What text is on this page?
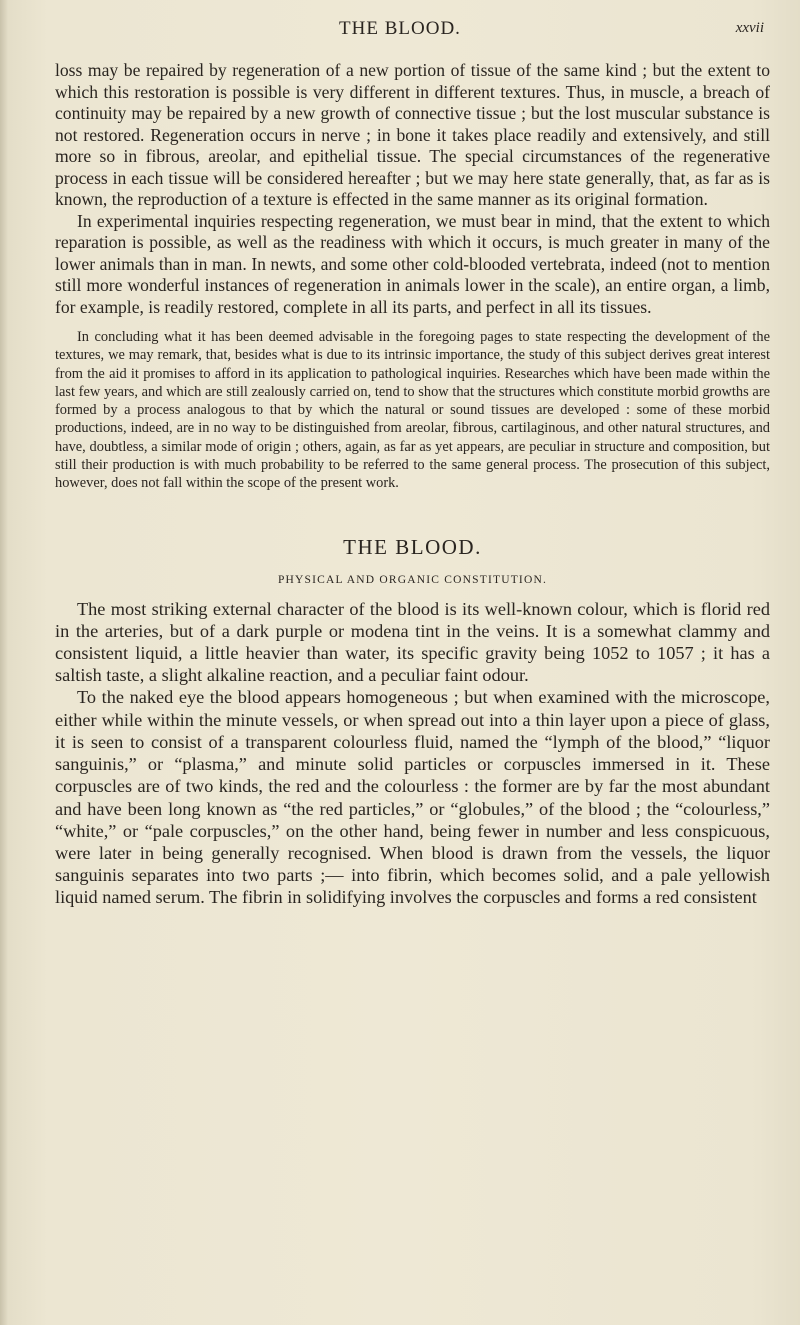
THE BLOOD.	xxvii

loss may be repaired by regeneration of a new portion of tissue of the same kind ; but the extent to which this restoration is possible is very different in different textures. Thus, in muscle, a breach of continuity may be repaired by a new growth of connective tissue ; but the lost muscular substance is not restored. Regeneration occurs in nerve ; in bone it takes place readily and extensively, and still more so in fibrous, areolar, and epithelial tissue. The special circumstances of the regenerative process in each tissue will be considered hereafter ; but we may here state generally, that, as far as is known, the reproduction of a texture is effected in the same manner as its original formation.

In experimental inquiries respecting regeneration, we must bear in mind, that the extent to which reparation is possible, as well as the readiness with which it occurs, is much greater in many of the lower animals than in man. In newts, and some other cold-blooded vertebrata, indeed (not to mention still more wonderful instances of regeneration in animals lower in the scale), an entire organ, a limb, for example, is readily restored, complete in all its parts, and perfect in all its tissues.

In concluding what it has been deemed advisable in the foregoing pages to state respecting the development of the textures, we may remark, that, besides what is due to its intrinsic importance, the study of this subject derives great interest from the aid it promises to afford in its application to pathological inquiries. Researches which have been made within the last few years, and which are still zealously carried on, tend to show that the structures which constitute morbid growths are formed by a process analogous to that by which the natural or sound tissues are developed : some of these morbid productions, indeed, are in no way to be distinguished from areolar, fibrous, cartilaginous, and other natural structures, and have, doubtless, a similar mode of origin ; others, again, as far as yet appears, are peculiar in structure and composition, but still their production is with much probability to be referred to the same general process. The prosecution of this subject, however, does not fall within the scope of the present work.

THE BLOOD.
PHYSICAL AND ORGANIC CONSTITUTION.

The most striking external character of the blood is its well-known colour, which is florid red in the arteries, but of a dark purple or modena tint in the veins. It is a somewhat clammy and consistent liquid, a little heavier than water, its specific gravity being 1052 to 1057 ; it has a saltish taste, a slight alkaline reaction, and a peculiar faint odour.

To the naked eye the blood appears homogeneous ; but when examined with the microscope, either while within the minute vessels, or when spread out into a thin layer upon a piece of glass, it is seen to consist of a transparent colourless fluid, named the “lymph of the blood,” “liquor sanguinis,” or “plasma,” and minute solid particles or corpuscles immersed in it. These corpuscles are of two kinds, the red and the colourless : the former are by far the most abundant and have been long known as “the red particles,” or “globules,” of the blood ; the “colourless,” “white,” or “pale corpuscles,” on the other hand, being fewer in number and less conspicuous, were later in being generally recognised. When blood is drawn from the vessels, the liquor sanguinis separates into two parts ;— into fibrin, which becomes solid, and a pale yellowish liquid named serum. The fibrin in solidifying involves the corpuscles and forms a red consistent
